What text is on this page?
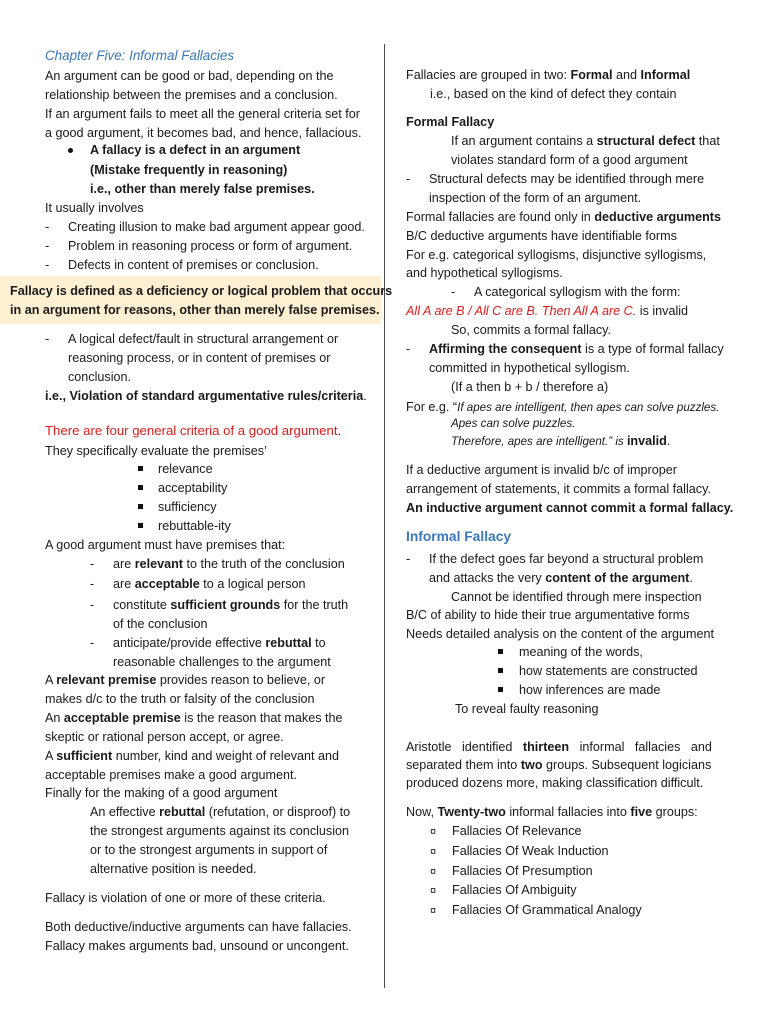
Chapter Five: Informal Fallacies
An argument can be good or bad, depending on the
relationship between the premises and a conclusion.
If an argument fails to meet all the general criteria set for
a good argument, it becomes bad, and hence, fallacious.
A fallacy is a defect in an argument
(Mistake frequently in reasoning)
i.e., other than merely false premises.
It usually involves
- Creating illusion to make bad argument appear good.
- Problem in reasoning process or form of argument.
- Defects in content of premises or conclusion.
Fallacy is defined as a deficiency or logical problem that occurs
in an argument for reasons, other than merely false premises.
- A logical defect/fault in structural arrangement or
reasoning process, or in content of premises or
conclusion.
i.e., Violation of standard argumentative rules/criteria.
There are four general criteria of a good argument.
They specifically evaluate the premises’
relevance
acceptability
sufficiency
rebuttable-ity
A good argument must have premises that:
- are relevant to the truth of the conclusion
- are acceptable to a logical person
- constitute sufficient grounds for the truth
of the conclusion
- anticipate/provide effective rebuttal to
reasonable challenges to the argument
A relevant premise provides reason to believe, or
makes d/c to the truth or falsity of the conclusion
An acceptable premise is the reason that makes the
skeptic or rational person accept, or agree.
A sufficient number, kind and weight of relevant and
acceptable premises make a good argument.
Finally for the making of a good argument
An effective rebuttal (refutation, or disproof) to
the strongest arguments against its conclusion
or to the strongest arguments in support of
alternative position is needed.
Fallacy is violation of one or more of these criteria.
Both deductive/inductive arguments can have fallacies.
Fallacy makes arguments bad, unsound or uncongent.
Fallacies are grouped in two: Formal and Informal
i.e., based on the kind of defect they contain
Formal Fallacy
If an argument contains a structural defect that
violates standard form of a good argument
- Structural defects may be identified through mere
inspection of the form of an argument.
Formal fallacies are found only in deductive arguments
B/C deductive arguments have identifiable forms
For e.g. categorical syllogisms, disjunctive syllogisms,
and hypothetical syllogisms.
- A categorical syllogism with the form:
All A are B / All C are B. Then All A are C. is invalid
So, commits a formal fallacy.
- Affirming the consequent is a type of formal fallacy
committed in hypothetical syllogism.
(If a then b + b / therefore a)
For e.g. “If apes are intelligent, then apes can solve puzzles.
Apes can solve puzzles.
Therefore, apes are intelligent.” is invalid.
If a deductive argument is invalid b/c of improper
arrangement of statements, it commits a formal fallacy.
An inductive argument cannot commit a formal fallacy.
Informal Fallacy
- If the defect goes far beyond a structural problem
and attacks the very content of the argument.
Cannot be identified through mere inspection
B/C of ability to hide their true argumentative forms
Needs detailed analysis on the content of the argument
meaning of the words,
how statements are constructed
how inferences are made
To reveal faulty reasoning
Aristotle   identified   thirteen   informal   fallacies   and
separated them into two groups. Subsequent logicians
produced dozens more, making classification difficult.
Now, Twenty-two informal fallacies into five groups:
¤ Fallacies Of Relevance
¤ Fallacies Of Weak Induction
¤ Fallacies Of Presumption
¤ Fallacies Of Ambiguity
¤ Fallacies Of Grammatical Analogy
